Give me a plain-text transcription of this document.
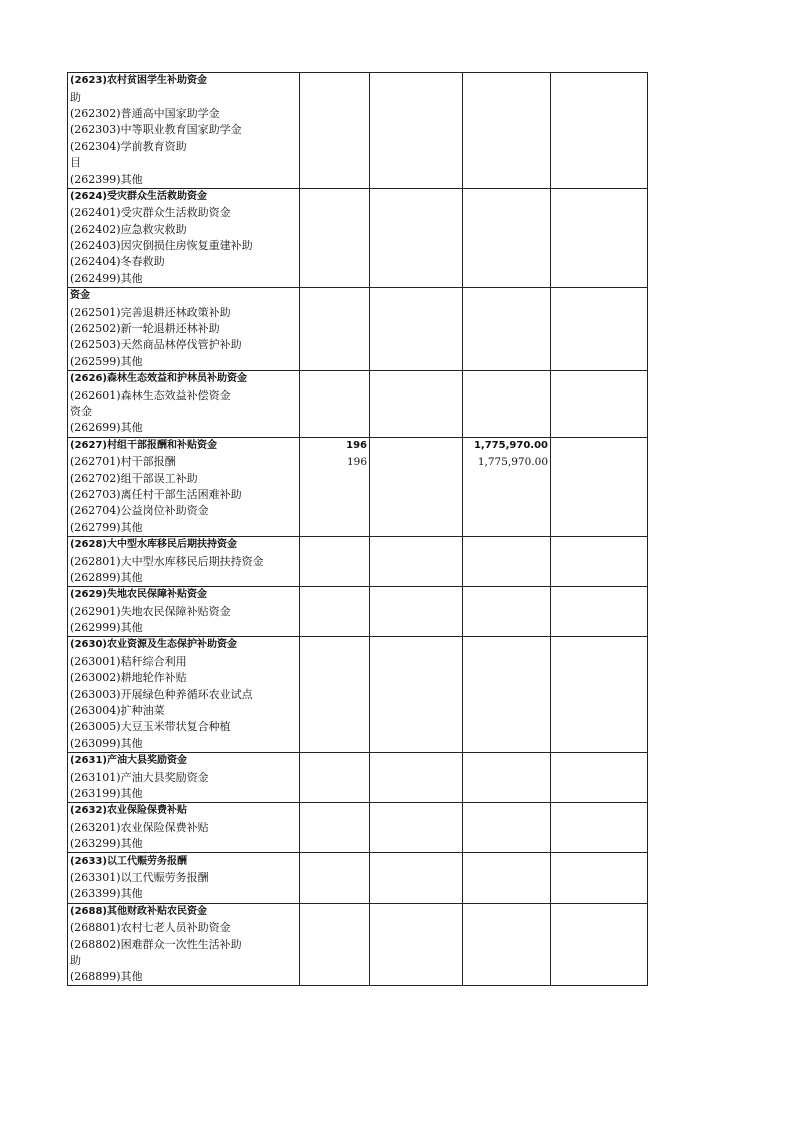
(2623)农村贫困学生补助资金				
助				
(262302)普通高中国家助学金				
(262303)中等职业教育国家助学金				
(262304)学前教育资助				
目				
(262399)其他				
(2624)受灾群众生活救助资金				
(262401)受灾群众生活救助资金				
(262402)应急救灾救助				
(262403)因灾倒损住房恢复重建补助				
(262404)冬春救助				
(262499)其他				
资金				
(262501)完善退耕还林政策补助				
(262502)新一轮退耕还林补助				
(262503)天然商品林停伐管护补助				
(262599)其他				
(2626)森林生态效益和护林员补助资金				
(262601)森林生态效益补偿资金				
资金				
(262699)其他				
(2627)村组干部报酬和补贴资金	196		1,775,970.00	
(262701)村干部报酬	196		1,775,970.00	
(262702)组干部误工补助				
(262703)离任村干部生活困难补助				
(262704)公益岗位补助资金				
(262799)其他				
(2628)大中型水库移民后期扶持资金				
(262801)大中型水库移民后期扶持资金				
(262899)其他				
(2629)失地农民保障补贴资金				
(262901)失地农民保障补贴资金				
(262999)其他				
(2630)农业资源及生态保护补助资金				
(263001)秸秆综合利用				
(263002)耕地轮作补贴				
(263003)开展绿色种养循环农业试点				
(263004)扩种油菜				
(263005)大豆玉米带状复合种植				
(263099)其他				
(2631)产油大县奖励资金				
(263101)产油大县奖励资金				
(263199)其他				
(2632)农业保险保费补贴				
(263201)农业保险保费补贴				
(263299)其他				
(2633)以工代赈劳务报酬				
(263301)以工代赈劳务报酬				
(263399)其他				
(2688)其他财政补贴农民资金				
(268801)农村七老人员补助资金				
(268802)困难群众一次性生活补助				
助				
(268899)其他				
